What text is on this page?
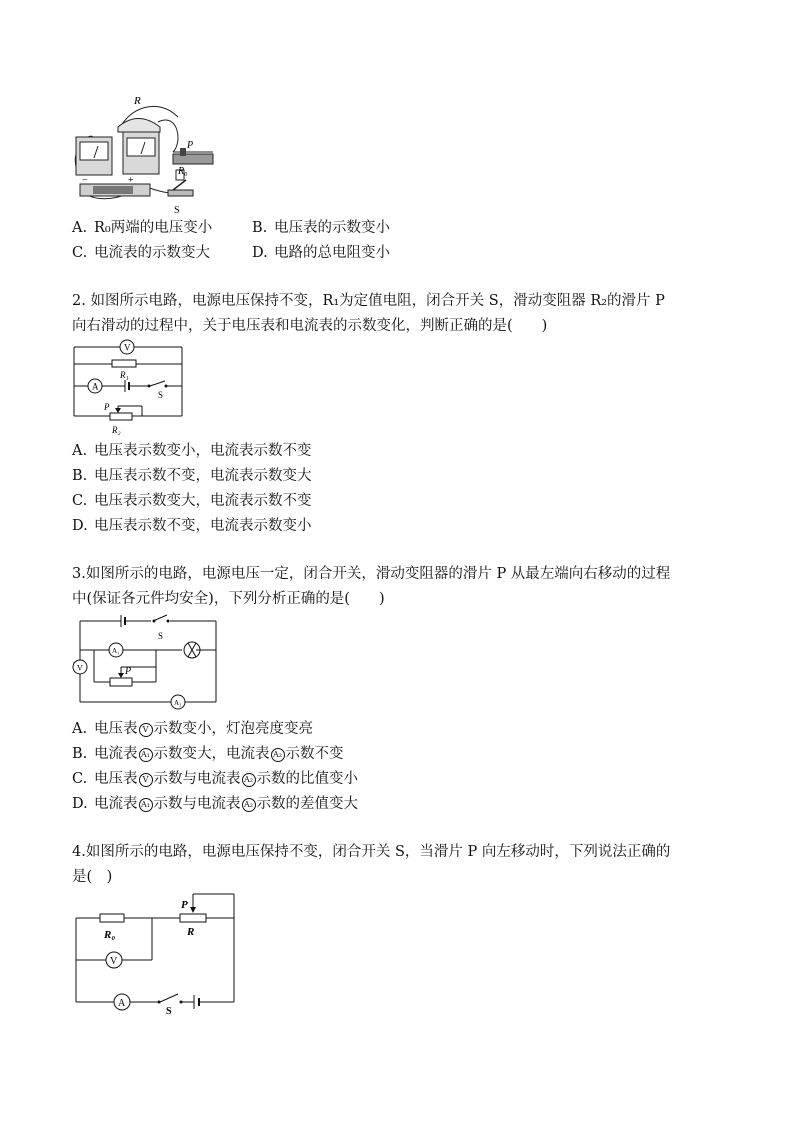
R
P
R₀
S
−	+
A. R₀两端的电压变小	B. 电压表的示数变小
C. 电流表的示数变大	D. 电路的总电阻变小
2. 如图所示电路，电源电压保持不变，R₁为定值电阻，闭合开关 S，滑动变阻器 R₂的滑片 P
向右滑动的过程中，关于电压表和电流表的示数变化，判断正确的是(　　)
V
A
R₁
S
P
R₂
A. 电压表示数变小，电流表示数不变
B. 电压表示数不变，电流表示数变大
C. 电压表示数变大，电流表示数不变
D. 电压表示数不变，电流表示数变小
3.如图所示的电路，电源电压一定，闭合开关，滑动变阻器的滑片 P 从最左端向右移动的过程
中(保证各元件均安全)，下列分析正确的是(　　)
S
A₁
V	P
A₂
A. 电压表 V 示数变小，灯泡亮度变亮
B. 电流表 A₁ 示数变大，电流表 A₂ 示数不变
C. 电压表 V 示数与电流表 A₂ 示数的比值变小
D. 电流表 A₁ 示数与电流表 A₂ 示数的差值变大
4.如图所示的电路，电源电压保持不变，闭合开关 S，当滑片 P 向左移动时，下列说法正确的
是(　)
P
R₀	R
V
A
S
